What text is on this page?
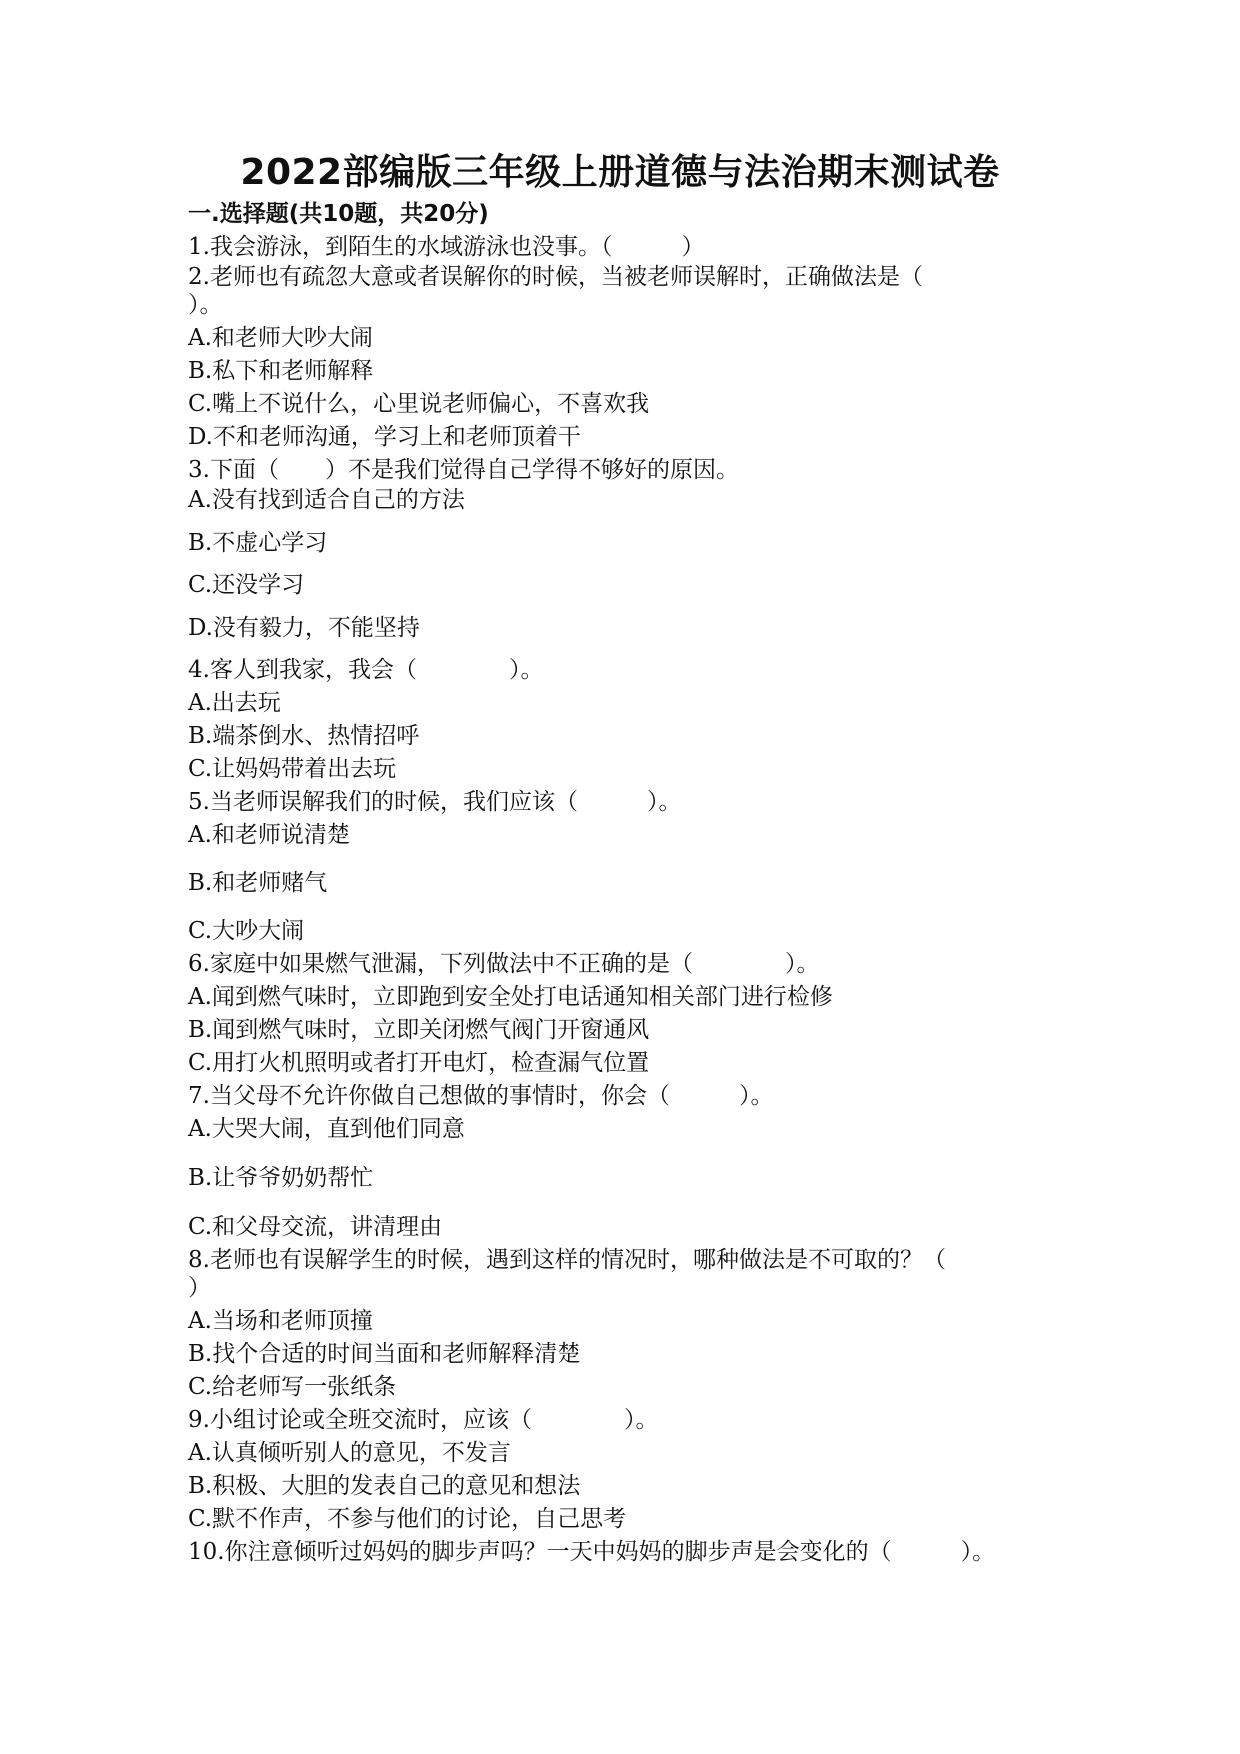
2022部编版三年级上册道德与法治期末测试卷
一.选择题(共10题，共20分)
1.我会游泳，到陌生的水域游泳也没事。（　　　）
2.老师也有疏忽大意或者误解你的时候，当被老师误解时，正确做法是（
）。
A.和老师大吵大闹
B.私下和老师解释
C.嘴上不说什么，心里说老师偏心，不喜欢我
D.不和老师沟通，学习上和老师顶着干
3.下面（　　）不是我们觉得自己学得不够好的原因。
A.没有找到适合自己的方法
B.不虚心学习
C.还没学习
D.没有毅力，不能坚持
4.客人到我家，我会（　　　　）。
A.出去玩
B.端茶倒水、热情招呼
C.让妈妈带着出去玩
5.当老师误解我们的时候，我们应该（　　　）。
A.和老师说清楚
B.和老师赌气
C.大吵大闹
6.家庭中如果燃气泄漏，下列做法中不正确的是（　　　　）。
A.闻到燃气味时，立即跑到安全处打电话通知相关部门进行检修
B.闻到燃气味时，立即关闭燃气阀门开窗通风
C.用打火机照明或者打开电灯，检查漏气位置
7.当父母不允许你做自己想做的事情时，你会（　　　）。
A.大哭大闹，直到他们同意
B.让爷爷奶奶帮忙
C.和父母交流，讲清理由
8.老师也有误解学生的时候，遇到这样的情况时，哪种做法是不可取的？（
）
A.当场和老师顶撞
B.找个合适的时间当面和老师解释清楚
C.给老师写一张纸条
9.小组讨论或全班交流时，应该（　　　　）。
A.认真倾听别人的意见，不发言
B.积极、大胆的发表自己的意见和想法
C.默不作声，不参与他们的讨论，自己思考
10.你注意倾听过妈妈的脚步声吗？一天中妈妈的脚步声是会变化的（　　　）。
